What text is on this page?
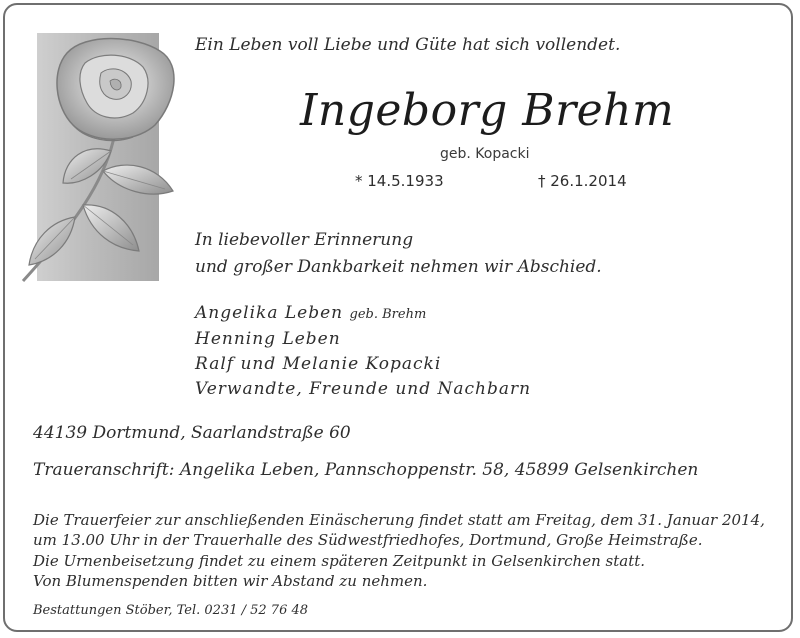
Ein Leben voll Liebe und Güte hat sich vollendet.
Ingeborg Brehm
geb. Kopacki
* 14.5.1933	† 26.1.2014
In liebevoller Erinnerung
und großer Dankbarkeit nehmen wir Abschied.
Angelika Leben geb. Brehm
Henning Leben
Ralf und Melanie Kopacki
Verwandte, Freunde und Nachbarn
44139 Dortmund, Saarlandstraße 60
Traueranschrift: Angelika Leben, Pannschoppenstr. 58, 45899 Gelsenkirchen
Die Trauerfeier zur anschließenden Einäscherung findet statt am Freitag, dem 31. Januar 2014,
um 13.00 Uhr in der Trauerhalle des Südwestfriedhofes, Dortmund, Große Heimstraße.
Die Urnenbeisetzung findet zu einem späteren Zeitpunkt in Gelsenkirchen statt.
Von Blumenspenden bitten wir Abstand zu nehmen.
Bestattungen Stöber, Tel. 0231 / 52 76 48
